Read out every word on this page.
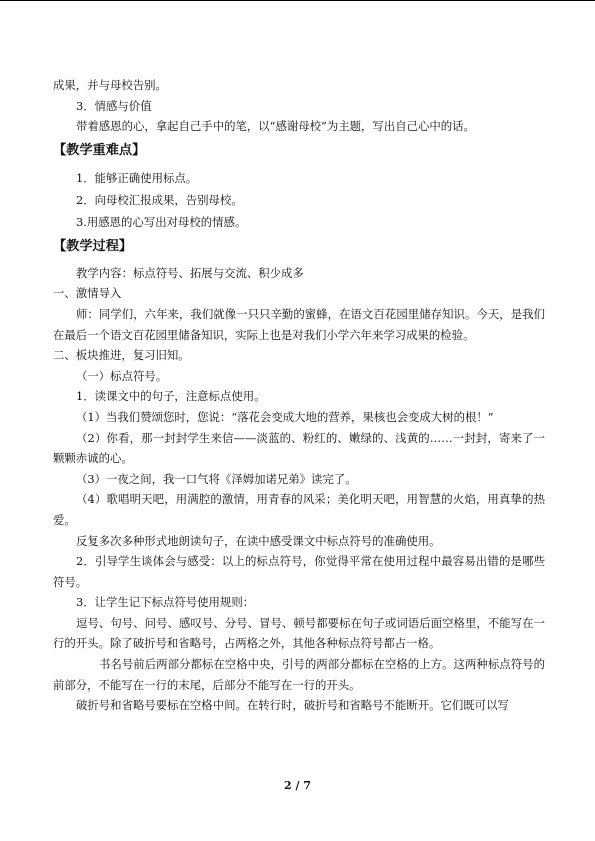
成果，并与母校告别。

3．情感与价值

带着感恩的心，拿起自己手中的笔，以“感谢母校”为主题，写出自己心中的话。

【教学重难点】

1．能够正确使用标点。

2．向母校汇报成果，告别母校。

3.用感恩的心写出对母校的情感。

【教学过程】

教学内容：标点符号、拓展与交流、积少成多

一、激情导入

师：同学们，六年来，我们就像一只只辛勤的蜜蜂，在语文百花园里储存知识。今天，是我们在最后一个语文百花园里储备知识，实际上也是对我们小学六年来学习成果的检验。

二、板块推进，复习旧知。

（一）标点符号。

1．读课文中的句子，注意标点使用。

（1）当我们赞颂您时，您说：“落花会变成大地的营养，果核也会变成大树的根！”

（2）你看，那一封封学生来信——淡蓝的、粉红的、嫩绿的、浅黄的……一封封，寄来了一颗颗赤诚的心。

（3）一夜之间，我一口气将《泽姆加诺兄弟》读完了。

（4）歌唱明天吧，用满腔的激情，用青春的风采；美化明天吧，用智慧的火焰，用真挚的热爱。

反复多次多种形式地朗读句子，在读中感受课文中标点符号的准确使用。

2．引导学生谈体会与感受：以上的标点符号，你觉得平常在使用过程中最容易出错的是哪些符号。

3．让学生记下标点符号使用规则：

逗号、句号、问号、感叹号、分号、冒号、顿号都要标在句子或词语后面空格里，不能写在一行的开头。除了破折号和省略号，占两格之外，其他各种标点符号都占一格。

书名号前后两部分都标在空格中央，引号的两部分都标在空格的上方。这两种标点符号的前部分，不能写在一行的末尾，后部分不能写在一行的开头。

破折号和省略号要标在空格中间。在转行时，破折号和省略号不能断开。它们既可以写

2 / 7
